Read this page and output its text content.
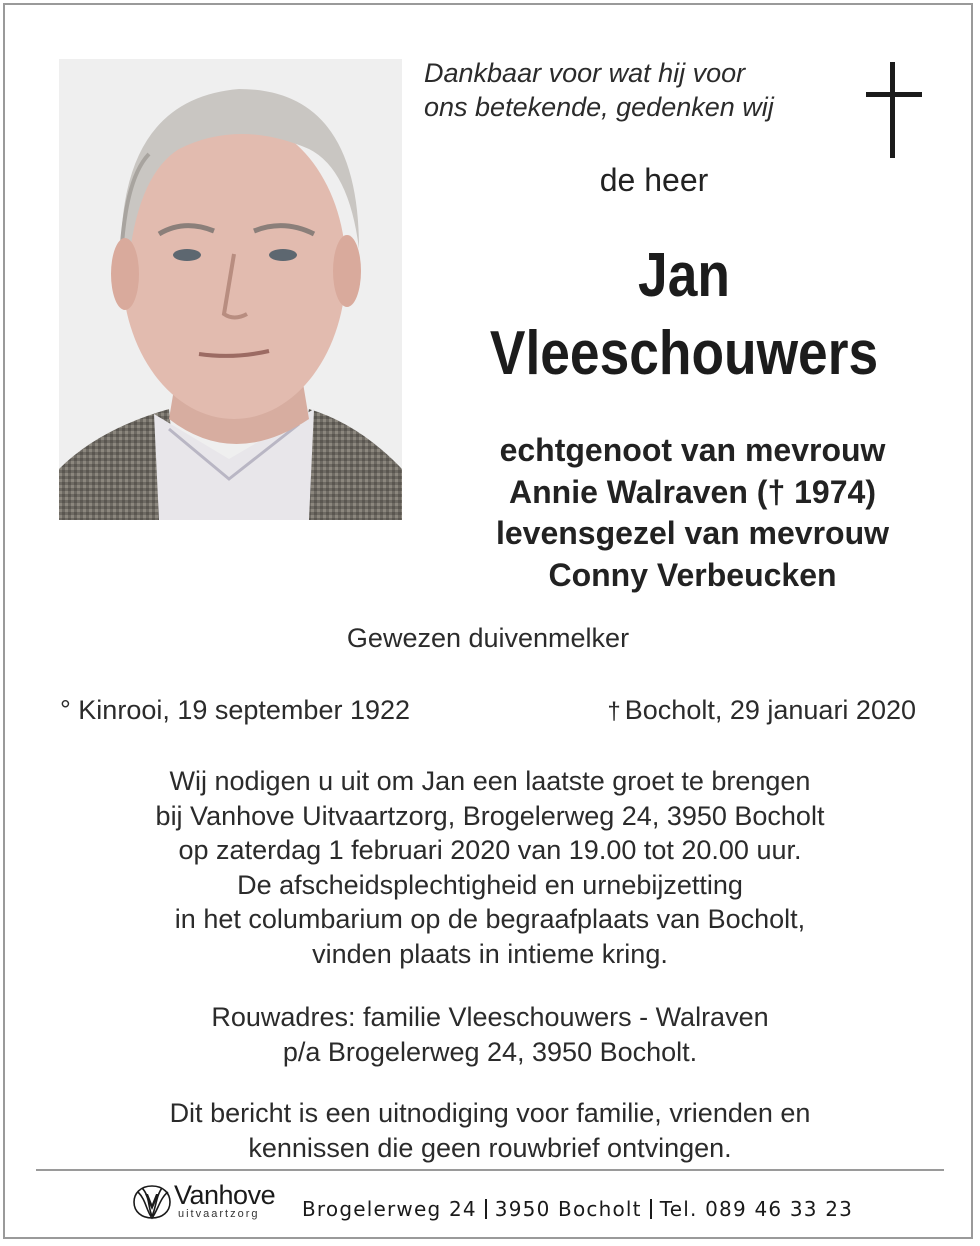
Dankbaar voor wat hij voor
ons betekende, gedenken wij
de heer
Jan
Vleeschouwers
echtgenoot van mevrouw
Annie Walraven († 1974)
levensgezel van mevrouw
Conny Verbeucken
Gewezen duivenmelker
° Kinrooi, 19 september 1922	† Bocholt, 29 januari 2020
Wij nodigen u uit om Jan een laatste groet te brengen
bij Vanhove Uitvaartzorg, Brogelerweg 24, 3950 Bocholt
op zaterdag 1 februari 2020 van 19.00 tot 20.00 uur.
De afscheidsplechtigheid en urnebijzetting
in het columbarium op de begraafplaats van Bocholt,
vinden plaats in intieme kring.
Rouwadres: familie Vleeschouwers - Walraven
p/a Brogelerweg 24, 3950 Bocholt.
Dit bericht is een uitnodiging voor familie, vrienden en
kennissen die geen rouwbrief ontvingen.
Vanhove
uitvaartzorg Brogelerweg 24 3950 Bocholt Tel. 089 46 33 23
